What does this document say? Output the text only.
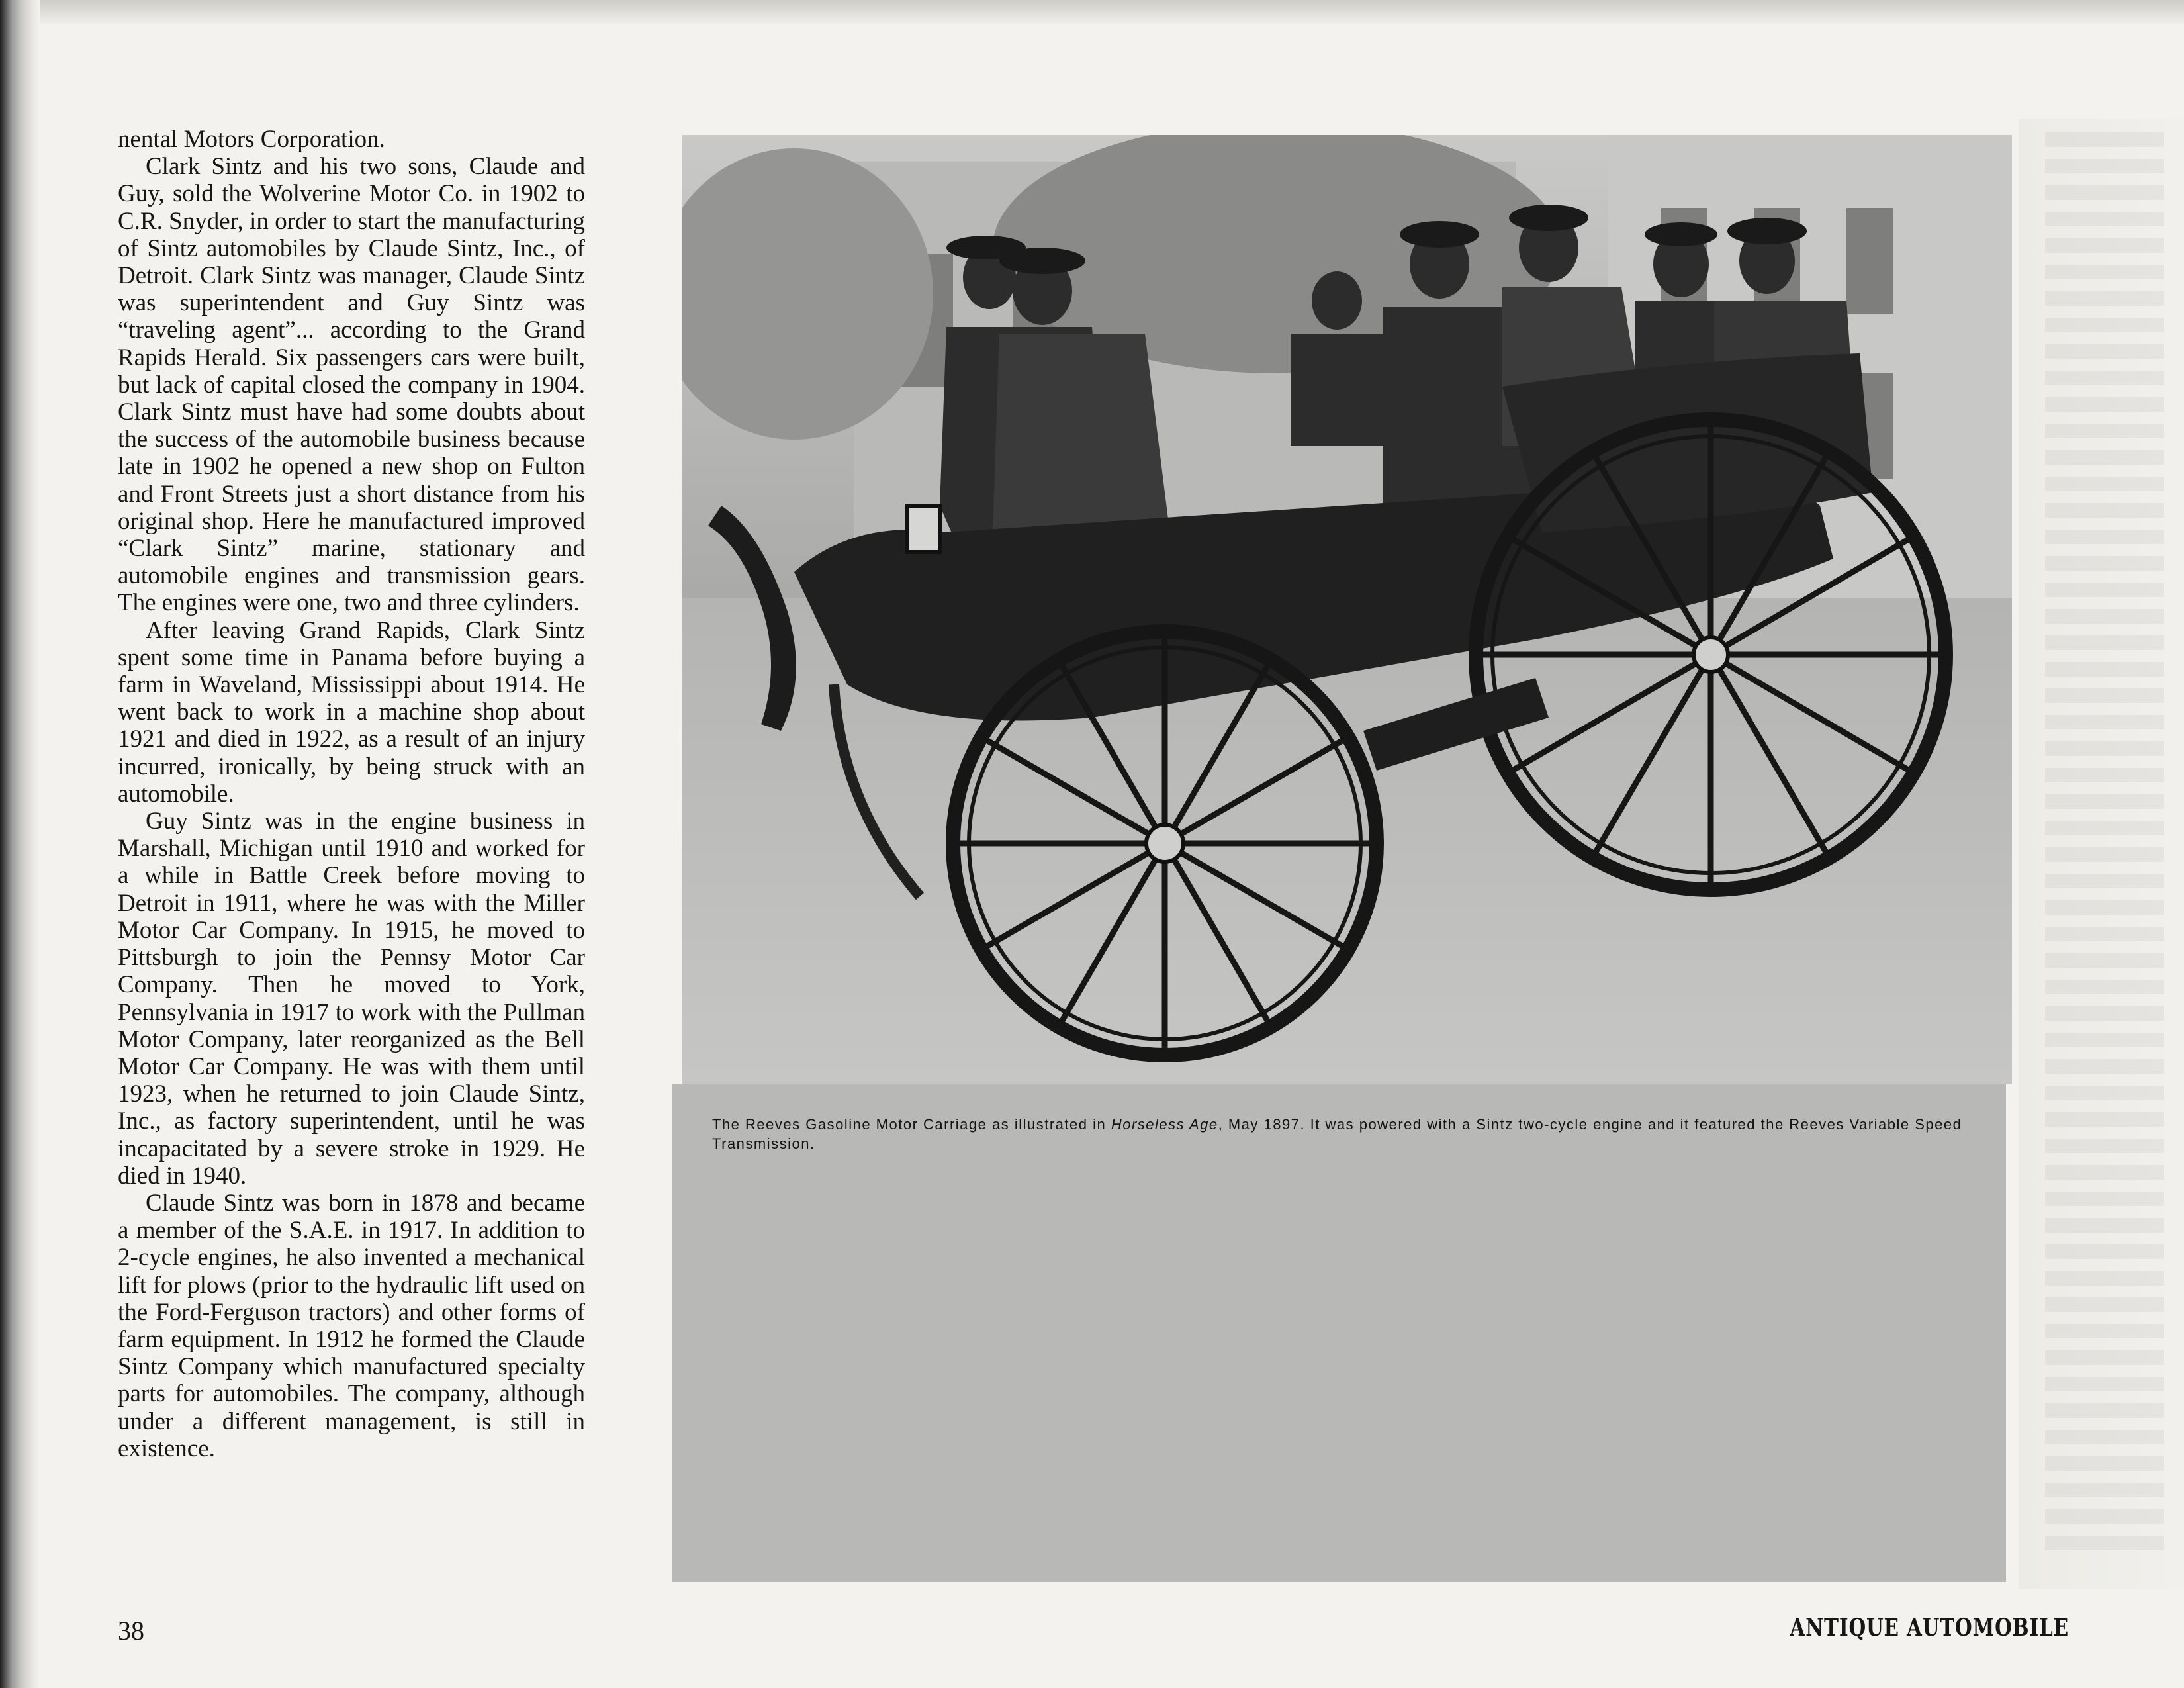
nental Motors Corporation.

Clark Sintz and his two sons, Claude and Guy, sold the Wolverine Motor Co. in 1902 to C.R. Snyder, in order to start the manufacturing of Sintz automobiles by Claude Sintz, Inc., of Detroit. Clark Sintz was manager, Claude Sintz was superintendent and Guy Sintz was “traveling agent”... according to the Grand Rapids Herald. Six passengers cars were built, but lack of capital closed the company in 1904. Clark Sintz must have had some doubts about the success of the automobile business because late in 1902 he opened a new shop on Fulton and Front Streets just a short distance from his original shop. Here he manufactured improved “Clark Sintz” marine, stationary and automobile engines and transmission gears. The engines were one, two and three cylinders.

After leaving Grand Rapids, Clark Sintz spent some time in Panama before buying a farm in Waveland, Mississippi about 1914. He went back to work in a machine shop about 1921 and died in 1922, as a result of an injury incurred, ironically, by being struck with an automobile.

Guy Sintz was in the engine business in Marshall, Michigan until 1910 and worked for a while in Battle Creek before moving to Detroit in 1911, where he was with the Miller Motor Car Company. In 1915, he moved to Pittsburgh to join the Pennsy Motor Car Company. Then he moved to York, Pennsylvania in 1917 to work with the Pullman Motor Company, later reorganized as the Bell Motor Car Company. He was with them until 1923, when he returned to join Claude Sintz, Inc., as factory superintendent, until he was incapacitated by a severe stroke in 1929. He died in 1940.

Claude Sintz was born in 1878 and became a member of the S.A.E. in 1917. In addition to 2-cycle engines, he also invented a mechanical lift for plows (prior to the hydraulic lift used on the Ford-Ferguson tractors) and other forms of farm equipment. In 1912 he formed the Claude Sintz Company which manufactured specialty parts for automobiles. The company, although under a different management, is still in existence.

The Reeves Gasoline Motor Carriage as illustrated in Horseless Age, May 1897. It was powered with a Sintz two-cycle engine and it featured the Reeves Variable Speed Transmission.
38	ANTIQUE AUTOMOBILE
